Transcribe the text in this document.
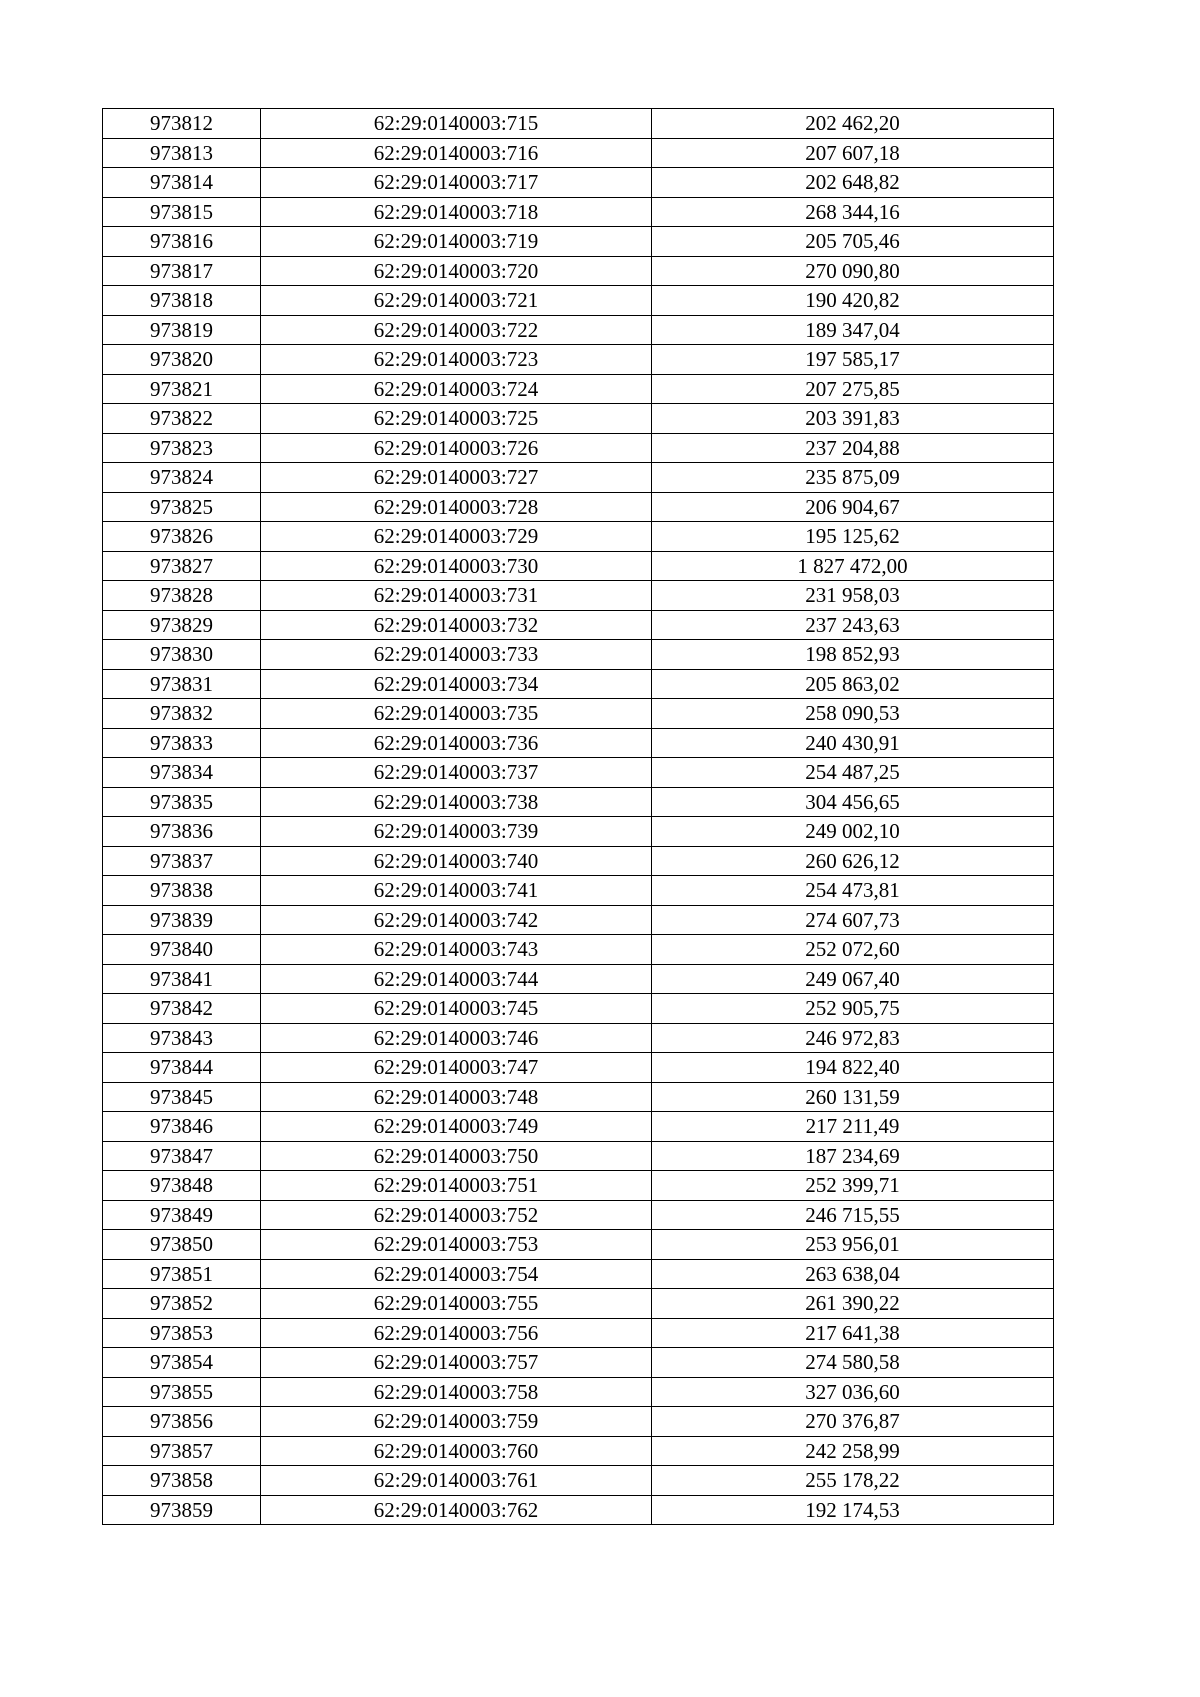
973812	62:29:0140003:715	202 462,20
973813	62:29:0140003:716	207 607,18
973814	62:29:0140003:717	202 648,82
973815	62:29:0140003:718	268 344,16
973816	62:29:0140003:719	205 705,46
973817	62:29:0140003:720	270 090,80
973818	62:29:0140003:721	190 420,82
973819	62:29:0140003:722	189 347,04
973820	62:29:0140003:723	197 585,17
973821	62:29:0140003:724	207 275,85
973822	62:29:0140003:725	203 391,83
973823	62:29:0140003:726	237 204,88
973824	62:29:0140003:727	235 875,09
973825	62:29:0140003:728	206 904,67
973826	62:29:0140003:729	195 125,62
973827	62:29:0140003:730	1 827 472,00
973828	62:29:0140003:731	231 958,03
973829	62:29:0140003:732	237 243,63
973830	62:29:0140003:733	198 852,93
973831	62:29:0140003:734	205 863,02
973832	62:29:0140003:735	258 090,53
973833	62:29:0140003:736	240 430,91
973834	62:29:0140003:737	254 487,25
973835	62:29:0140003:738	304 456,65
973836	62:29:0140003:739	249 002,10
973837	62:29:0140003:740	260 626,12
973838	62:29:0140003:741	254 473,81
973839	62:29:0140003:742	274 607,73
973840	62:29:0140003:743	252 072,60
973841	62:29:0140003:744	249 067,40
973842	62:29:0140003:745	252 905,75
973843	62:29:0140003:746	246 972,83
973844	62:29:0140003:747	194 822,40
973845	62:29:0140003:748	260 131,59
973846	62:29:0140003:749	217 211,49
973847	62:29:0140003:750	187 234,69
973848	62:29:0140003:751	252 399,71
973849	62:29:0140003:752	246 715,55
973850	62:29:0140003:753	253 956,01
973851	62:29:0140003:754	263 638,04
973852	62:29:0140003:755	261 390,22
973853	62:29:0140003:756	217 641,38
973854	62:29:0140003:757	274 580,58
973855	62:29:0140003:758	327 036,60
973856	62:29:0140003:759	270 376,87
973857	62:29:0140003:760	242 258,99
973858	62:29:0140003:761	255 178,22
973859	62:29:0140003:762	192 174,53
